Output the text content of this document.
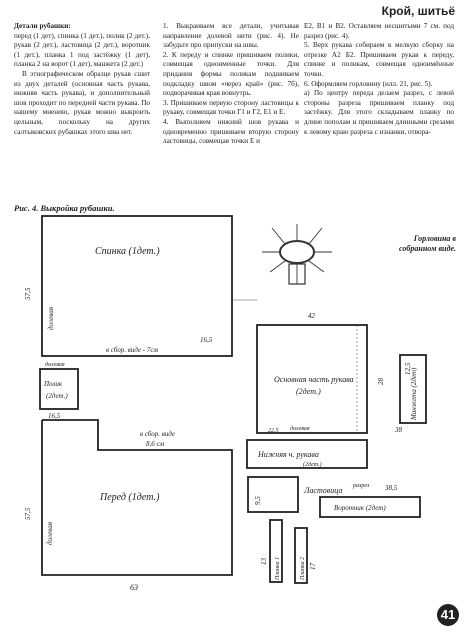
Крой, шитьё

Детали рубашки:

перед (1 дет), спинка (1 дет.), полик (2 дет.), рукав (2 дет.), ластовица (2 дет.), воротник (1 дет.), планка 1 под застёжку (1 дет), планка 2 на ворот (1 дет), манжета (2 дет.)

В этнографическом образце рукав сшит из двух деталей (основная часть рукава, нижняя часть рукава), и дополнительный шов проходит по передней части рукава. По нашему мнению, рукав можно выкроить цельным, поскольку на других салтыковских рубашках этого шва нет.

1. Выкраиваем все детали, учитывая направление долевой нити (рис. 4). Не забудьте про припуски на швы.

2. К переду и спинке пришиваем полики, совмещая одноименные точки. Для придания формы поликам подшиваем подкладку швом «через край» (рис. 7б), подворачивая края вовнутрь.

3. Пришиваем первую сторону ластовицы к рукаву, совмещая точки Г1 и Г2, Е1 и Е.

4. Выполняем нижний шов рукава и одновременно пришиваем вторую сторону ластовицы, совмещая точки Е и

Е2, В1 и В2. Оставляем несшитыми 7 см. под разрез (рис. 4).

5. Верх рукава собираем в мелкую сборку на отрезке А2 Б2. Пришиваем рукав к переду, спинке и поликам, совмещая одноимённые точки.

6. Оформляем горловину (илл. 21, рис. 5).

а) По центру переда делаем разрез, с левой стороны разреза пришиваем планку под застёжку. Для этого складываем планку по длине пополам и пришиваем длинными срезами к левому краю разреза с изнанки, отвора-

Рис. 4. Выкройка рубашки.
Горловина в собранном виде.
Спинка (1дет.)
Перед (1дет.)
Полик
(2дет.)
Основная часть рукава
(2дет.)
Нижняя ч. рукава
(2дет.)
Воротник (2дет)
Ластовица
Манжета (2дет)
Планка 1	Планка 2
долевая
долевая
долевая
долевая
в сбор. виде - 7см
в сбор. виде
8,6 см
разрез
57,5
57,5
63
16,5
16,5
42
28
12,5
38
22,5
38,5
9,5
13
17
41
